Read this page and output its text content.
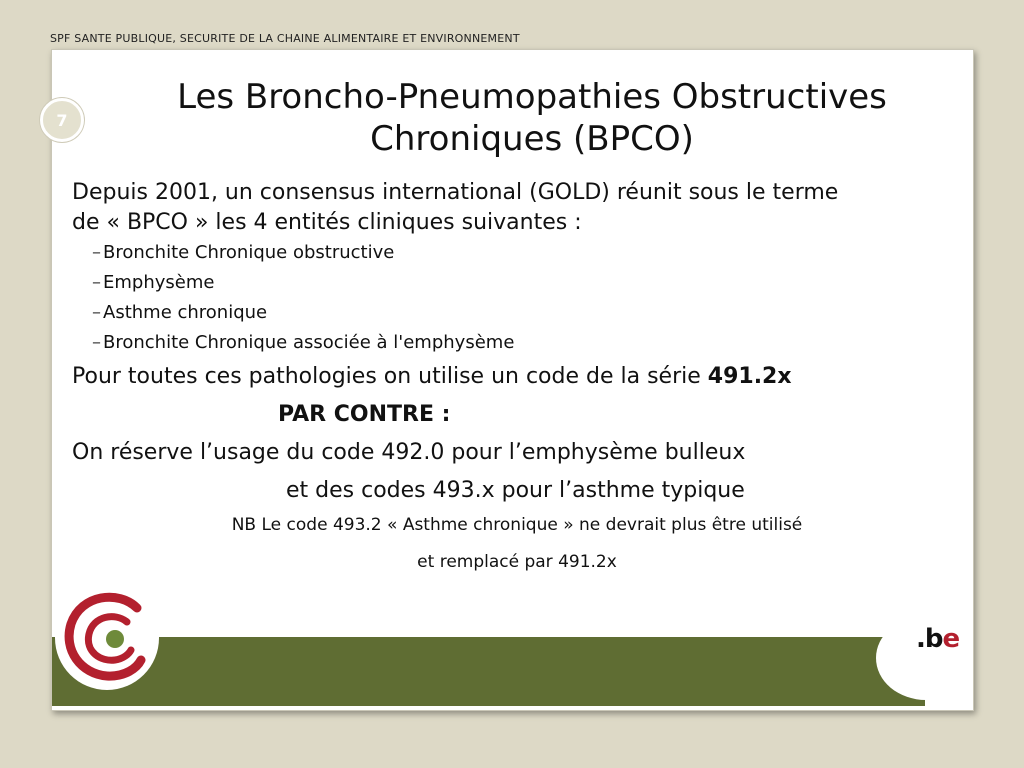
SPF SANTE PUBLIQUE, SECURITE DE LA CHAINE ALIMENTAIRE ET ENVIRONNEMENT
Les Broncho-Pneumopathies Obstructives
Chroniques (BPCO)

Depuis 2001, un consensus international (GOLD) réunit sous le terme

de « BPCO » les 4 entités cliniques suivantes :

– Bronchite Chronique obstructive
– Emphysème
– Asthme chronique
– Bronchite Chronique associée à l'emphysème
Pour toutes ces pathologies on utilise un code de la série 491.2x
PAR CONTRE :
On réserve l’usage du code 492.0 pour l’emphysème bulleux
et des codes 493.x pour l’asthme typique
NB Le code 493.2 « Asthme chronique » ne devrait plus être utilisé
et remplacé par 491.2x
.be
7
